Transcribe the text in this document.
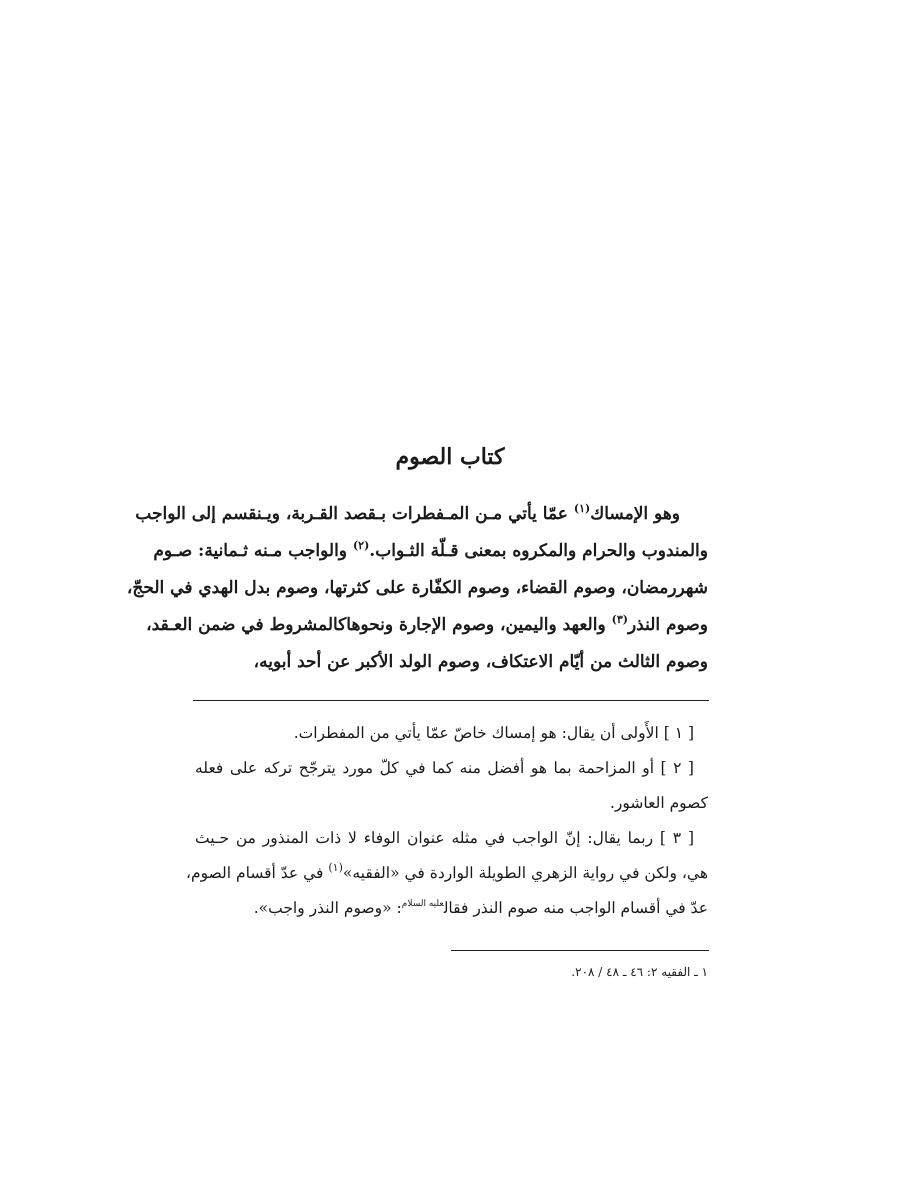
كتاب الصوم
وهو الإمساك$^{(١)}$ عمّا يأتي مـن المـفطرات بـقصد القـربة، ويـنقسم إلى الواجب
والمندوب والحرام والمكروه بمعنى قـلّة الثـواب.$^{(٢)}$ والواجب مـنه ثـمانية: صـوم
شهررمضان، وصوم القضاء، وصوم الكفّارة على كثرتها، وصوم بدل الهدي في الحجّ،
وصوم النذر$^{(٣)}$ والعهد واليمين، وصوم الإجارة ونحوهاكالمشروط في ضمن العـقد،
وصوم الثالث من أيّام الاعتكاف، وصوم الولد الأكبر عن أحد أبويه،
[ ١ ] الأَولى أن يقال: هو إمساك خاصّ عمّا يأتي من المفطرات.
[ ٢ ] أو المزاحمة بما هو أفضل منه كما في كلّ مورد يترجّح تركه على فعله
كصوم العاشور.
[ ٣ ] ربما يقال: إنّ الواجب في مثله عنوان الوفاء لا ذات المنذور من حـيث
هي، ولكن في رواية الزهري الطويلة الواردة في «الفقيه»$^{(١)}$ في عدّ أقسام الصوم،
عدّ في أقسام الواجب منه صوم النذر فقال$^{عليه السلام}$: «وصوم النذر واجب».

١ ـ الفقيه ٢: ٤٦ ـ ٤٨ / ٢٠٨.
